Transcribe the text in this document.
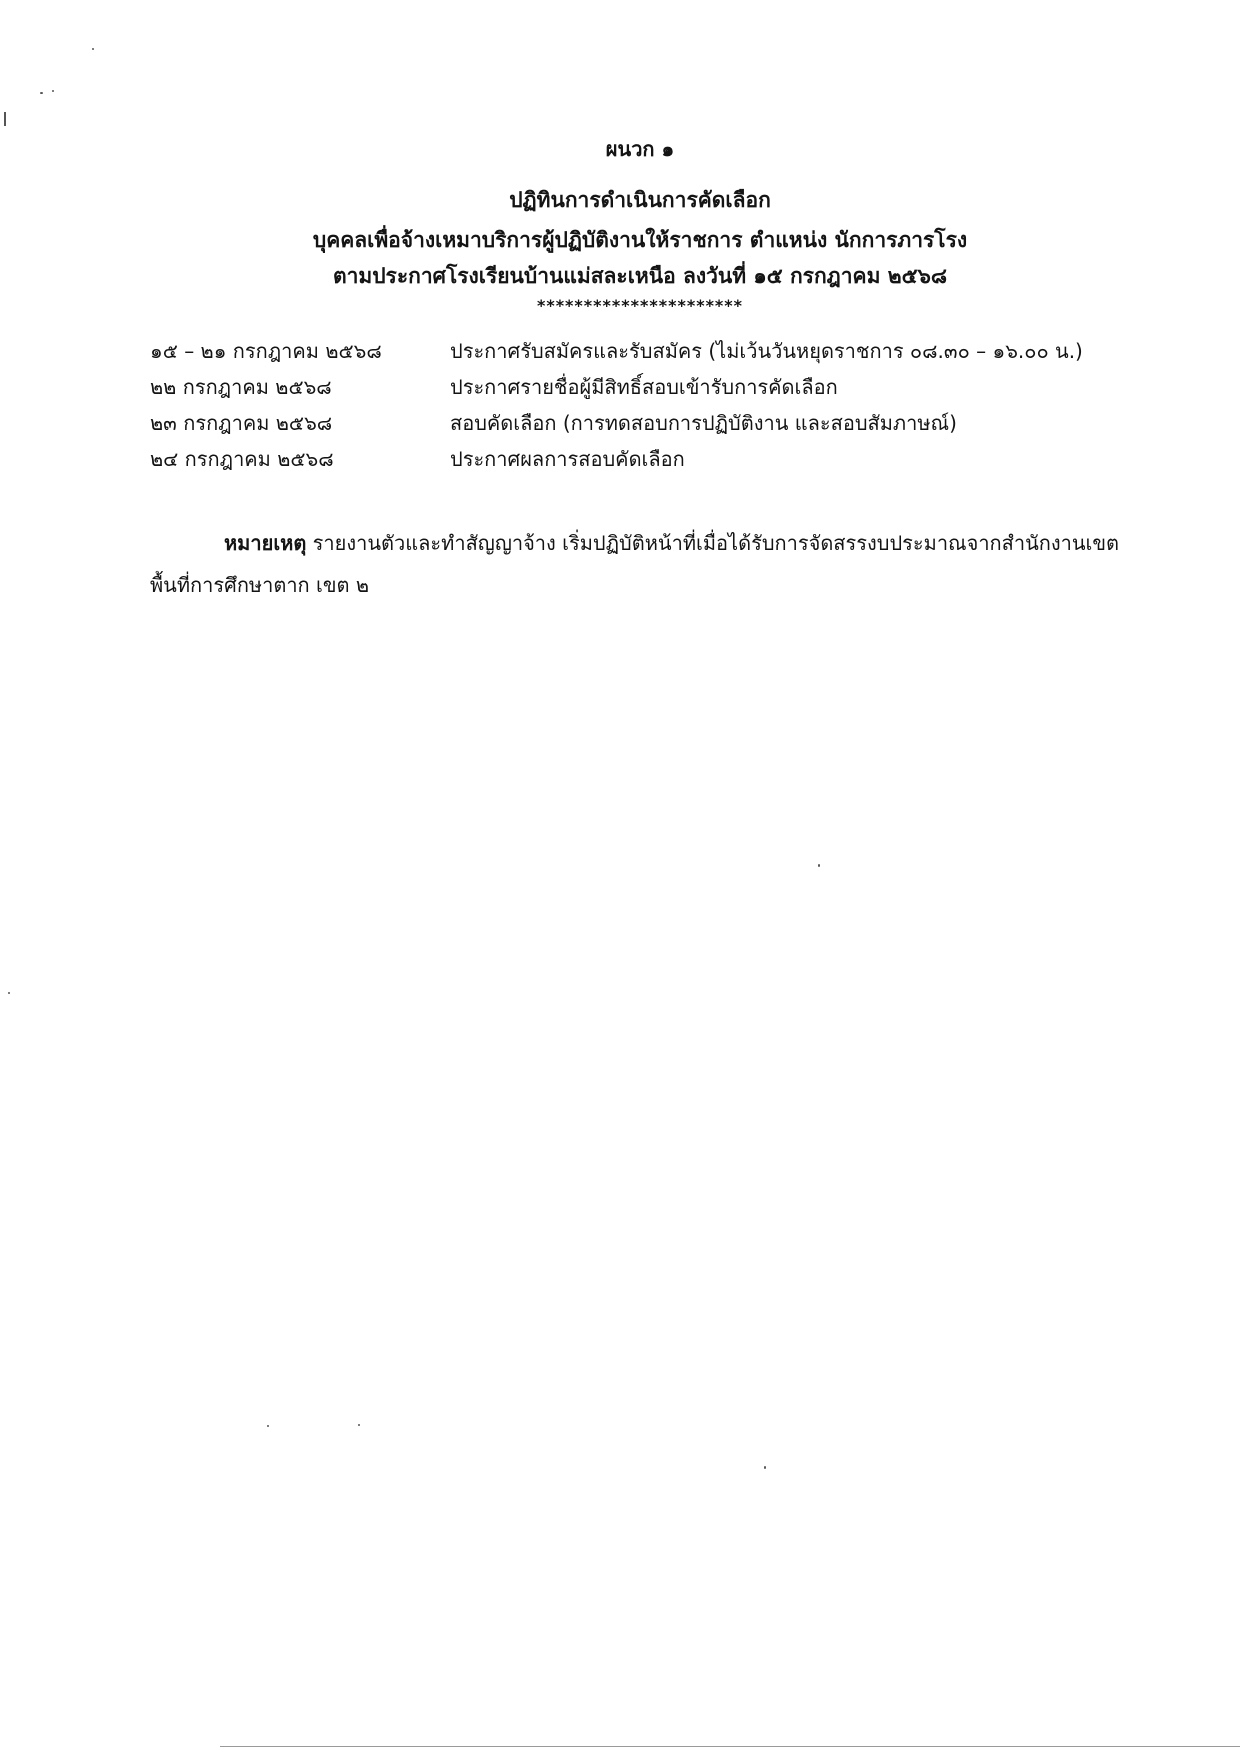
ผนวก ๑
ปฏิทินการดำเนินการคัดเลือก
บุคคลเพื่อจ้างเหมาบริการผู้ปฏิบัติงานให้ราชการ ตำแหน่ง นักการภารโรง
ตามประกาศโรงเรียนบ้านแม่สละเหนือ ลงวันที่ ๑๕ กรกฎาคม ๒๕๖๘
**********************
๑๕ – ๒๑ กรกฎาคม ๒๕๖๘	ประกาศรับสมัครและรับสมัคร (ไม่เว้นวันหยุดราชการ ๐๘.๓๐ – ๑๖.๐๐ น.)
๒๒ กรกฎาคม ๒๕๖๘	ประกาศรายชื่อผู้มีสิทธิ์สอบเข้ารับการคัดเลือก
๒๓ กรกฎาคม ๒๕๖๘	สอบคัดเลือก (การทดสอบการปฏิบัติงาน และสอบสัมภาษณ์)
๒๔ กรกฎาคม ๒๕๖๘	ประกาศผลการสอบคัดเลือก
หมายเหตุ รายงานตัวและทำสัญญาจ้าง เริ่มปฏิบัติหน้าที่เมื่อได้รับการจัดสรรงบประมาณจากสำนักงานเขตพื้นที่การศึกษาตาก เขต ๒
